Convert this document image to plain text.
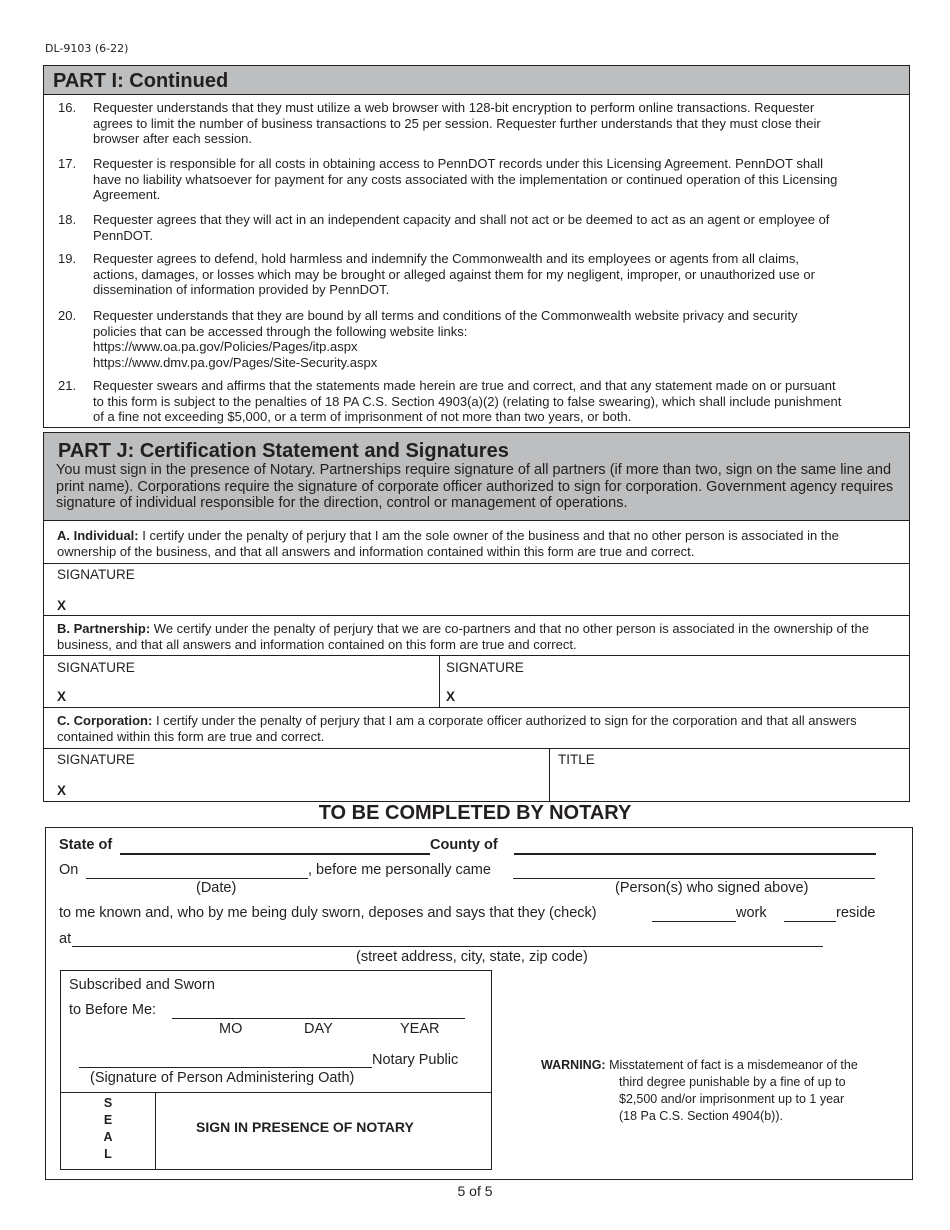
DL-9103 (6-22)
PART I: Continued
16.	Requester understands that they must utilize a web browser with 128-bit encryption to perform online transactions. Requester
agrees to limit the number of business transactions to 25 per session. Requester further understands that they must close their
browser after each session.
17.	Requester is responsible for all costs in obtaining access to PennDOT records under this Licensing Agreement. PennDOT shall
have no liability whatsoever for payment for any costs associated with the implementation or continued operation of this Licensing
Agreement.
18.	Requester agrees that they will act in an independent capacity and shall not act or be deemed to act as an agent or employee of
PennDOT.
19.	Requester agrees to defend, hold harmless and indemnify the Commonwealth and its employees or agents from all claims,
actions, damages, or losses which may be brought or alleged against them for my negligent, improper, or unauthorized use or
dissemination of information provided by PennDOT.
20.	Requester understands that they are bound by all terms and conditions of the Commonwealth website privacy and security
policies that can be accessed through the following website links:
https://www.oa.pa.gov/Policies/Pages/itp.aspx
https://www.dmv.pa.gov/Pages/Site-Security.aspx
21.	Requester swears and affirms that the statements made herein are true and correct, and that any statement made on or pursuant
to this form is subject to the penalties of 18 PA C.S. Section 4903(a)(2) (relating to false swearing), which shall include punishment
of a fine not exceeding $5,000, or a term of imprisonment of not more than two years, or both.
PART J: Certification Statement and Signatures
You must sign in the presence of Notary. Partnerships require signature of all partners (if more than two, sign on the same line and print name). Corporations require the signature of corporate officer authorized to sign for corporation. Government agency requires signature of individual responsible for the direction, control or management of operations.
A. Individual: I certify under the penalty of perjury that I am the sole owner of the business and that no other person is associated in the ownership of the business, and that all answers and information contained within this form are true and correct.
SIGNATURE
X
B. Partnership: We certify under the penalty of perjury that we are co-partners and that no other person is associated in the ownership of the business, and that all answers and information contained on this form are true and correct.
SIGNATURE
X
SIGNATURE
X
C. Corporation: I certify under the penalty of perjury that I am a corporate officer authorized to sign for the corporation and that all answers contained within this form are true and correct.
SIGNATURE
X
TITLE
TO BE COMPLETED BY NOTARY
State of	County of
On	, before me personally came
(Date)	(Person(s) who signed above)
to me known and, who by me being duly sworn, deposes and says that they (check)	work	reside
at
(street address, city, state, zip code)
Subscribed and Sworn
to Before Me:
MO	DAY	YEAR
Notary Public
(Signature of Person Administering Oath)
S
E
A
L
SIGN IN PRESENCE OF NOTARY
WARNING: Misstatement of fact is a misdemeanor of the
third degree punishable by a fine of up to
$2,500 and/or imprisonment up to 1 year
(18 Pa C.S. Section 4904(b)).
5 of 5
